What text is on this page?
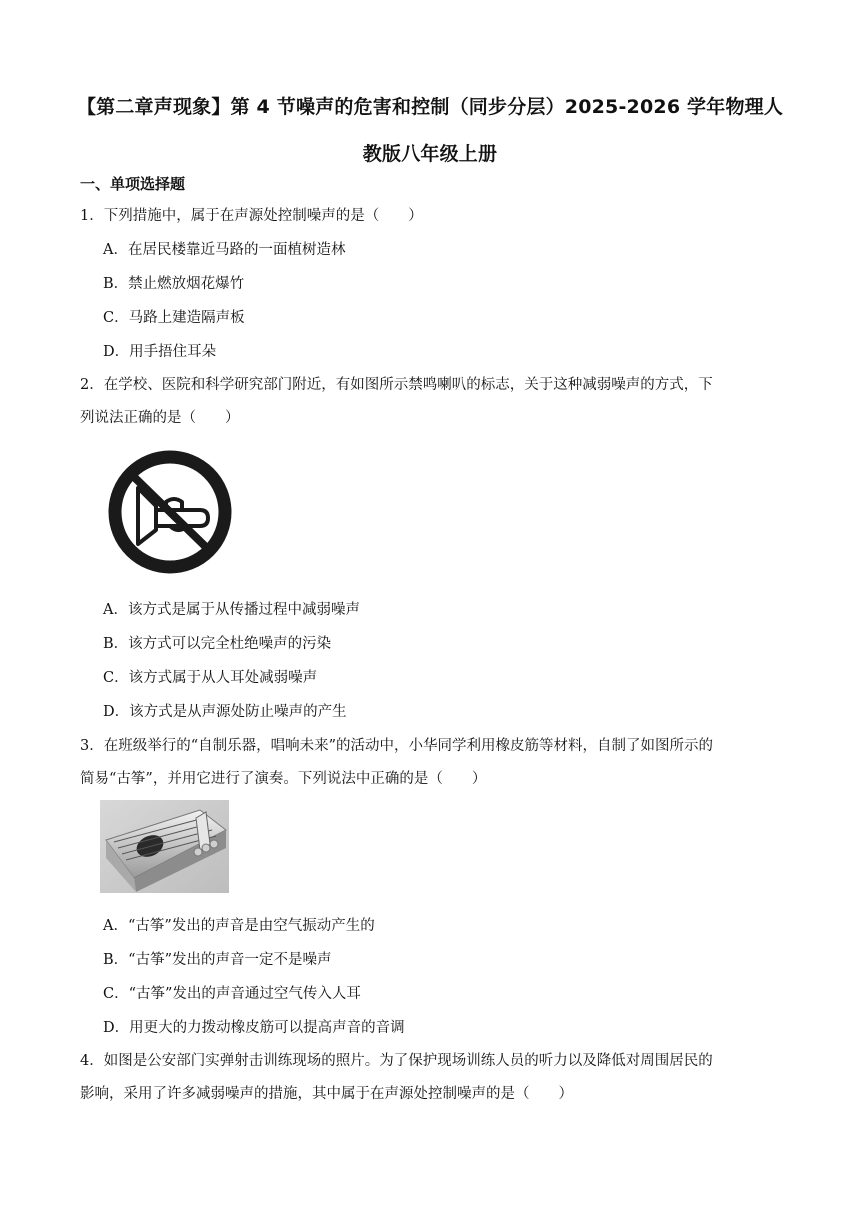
【第二章声现象】第 4 节噪声的危害和控制（同步分层）2025-2026 学年物理人
教版八年级上册
一、单项选择题
1．下列措施中，属于在声源处控制噪声的是（　　）
A．在居民楼靠近马路的一面植树造林
B．禁止燃放烟花爆竹
C．马路上建造隔声板
D．用手捂住耳朵
2．在学校、医院和科学研究部门附近，有如图所示禁鸣喇叭的标志，关于这种减弱噪声的方式，下
列说法正确的是（　　）
A．该方式是属于从传播过程中减弱噪声
B．该方式可以完全杜绝噪声的污染
C．该方式属于从人耳处减弱噪声
D．该方式是从声源处防止噪声的产生
3．在班级举行的“自制乐器，唱响未来”的活动中，小华同学利用橡皮筋等材料，自制了如图所示的
简易“古筝”，并用它进行了演奏。下列说法中正确的是（　　）
A．“古筝”发出的声音是由空气振动产生的
B．“古筝”发出的声音一定不是噪声
C．“古筝”发出的声音通过空气传入人耳
D．用更大的力拨动橡皮筋可以提高声音的音调
4．如图是公安部门实弹射击训练现场的照片。为了保护现场训练人员的听力以及降低对周围居民的
影响，采用了许多减弱噪声的措施，其中属于在声源处控制噪声的是（　　）
